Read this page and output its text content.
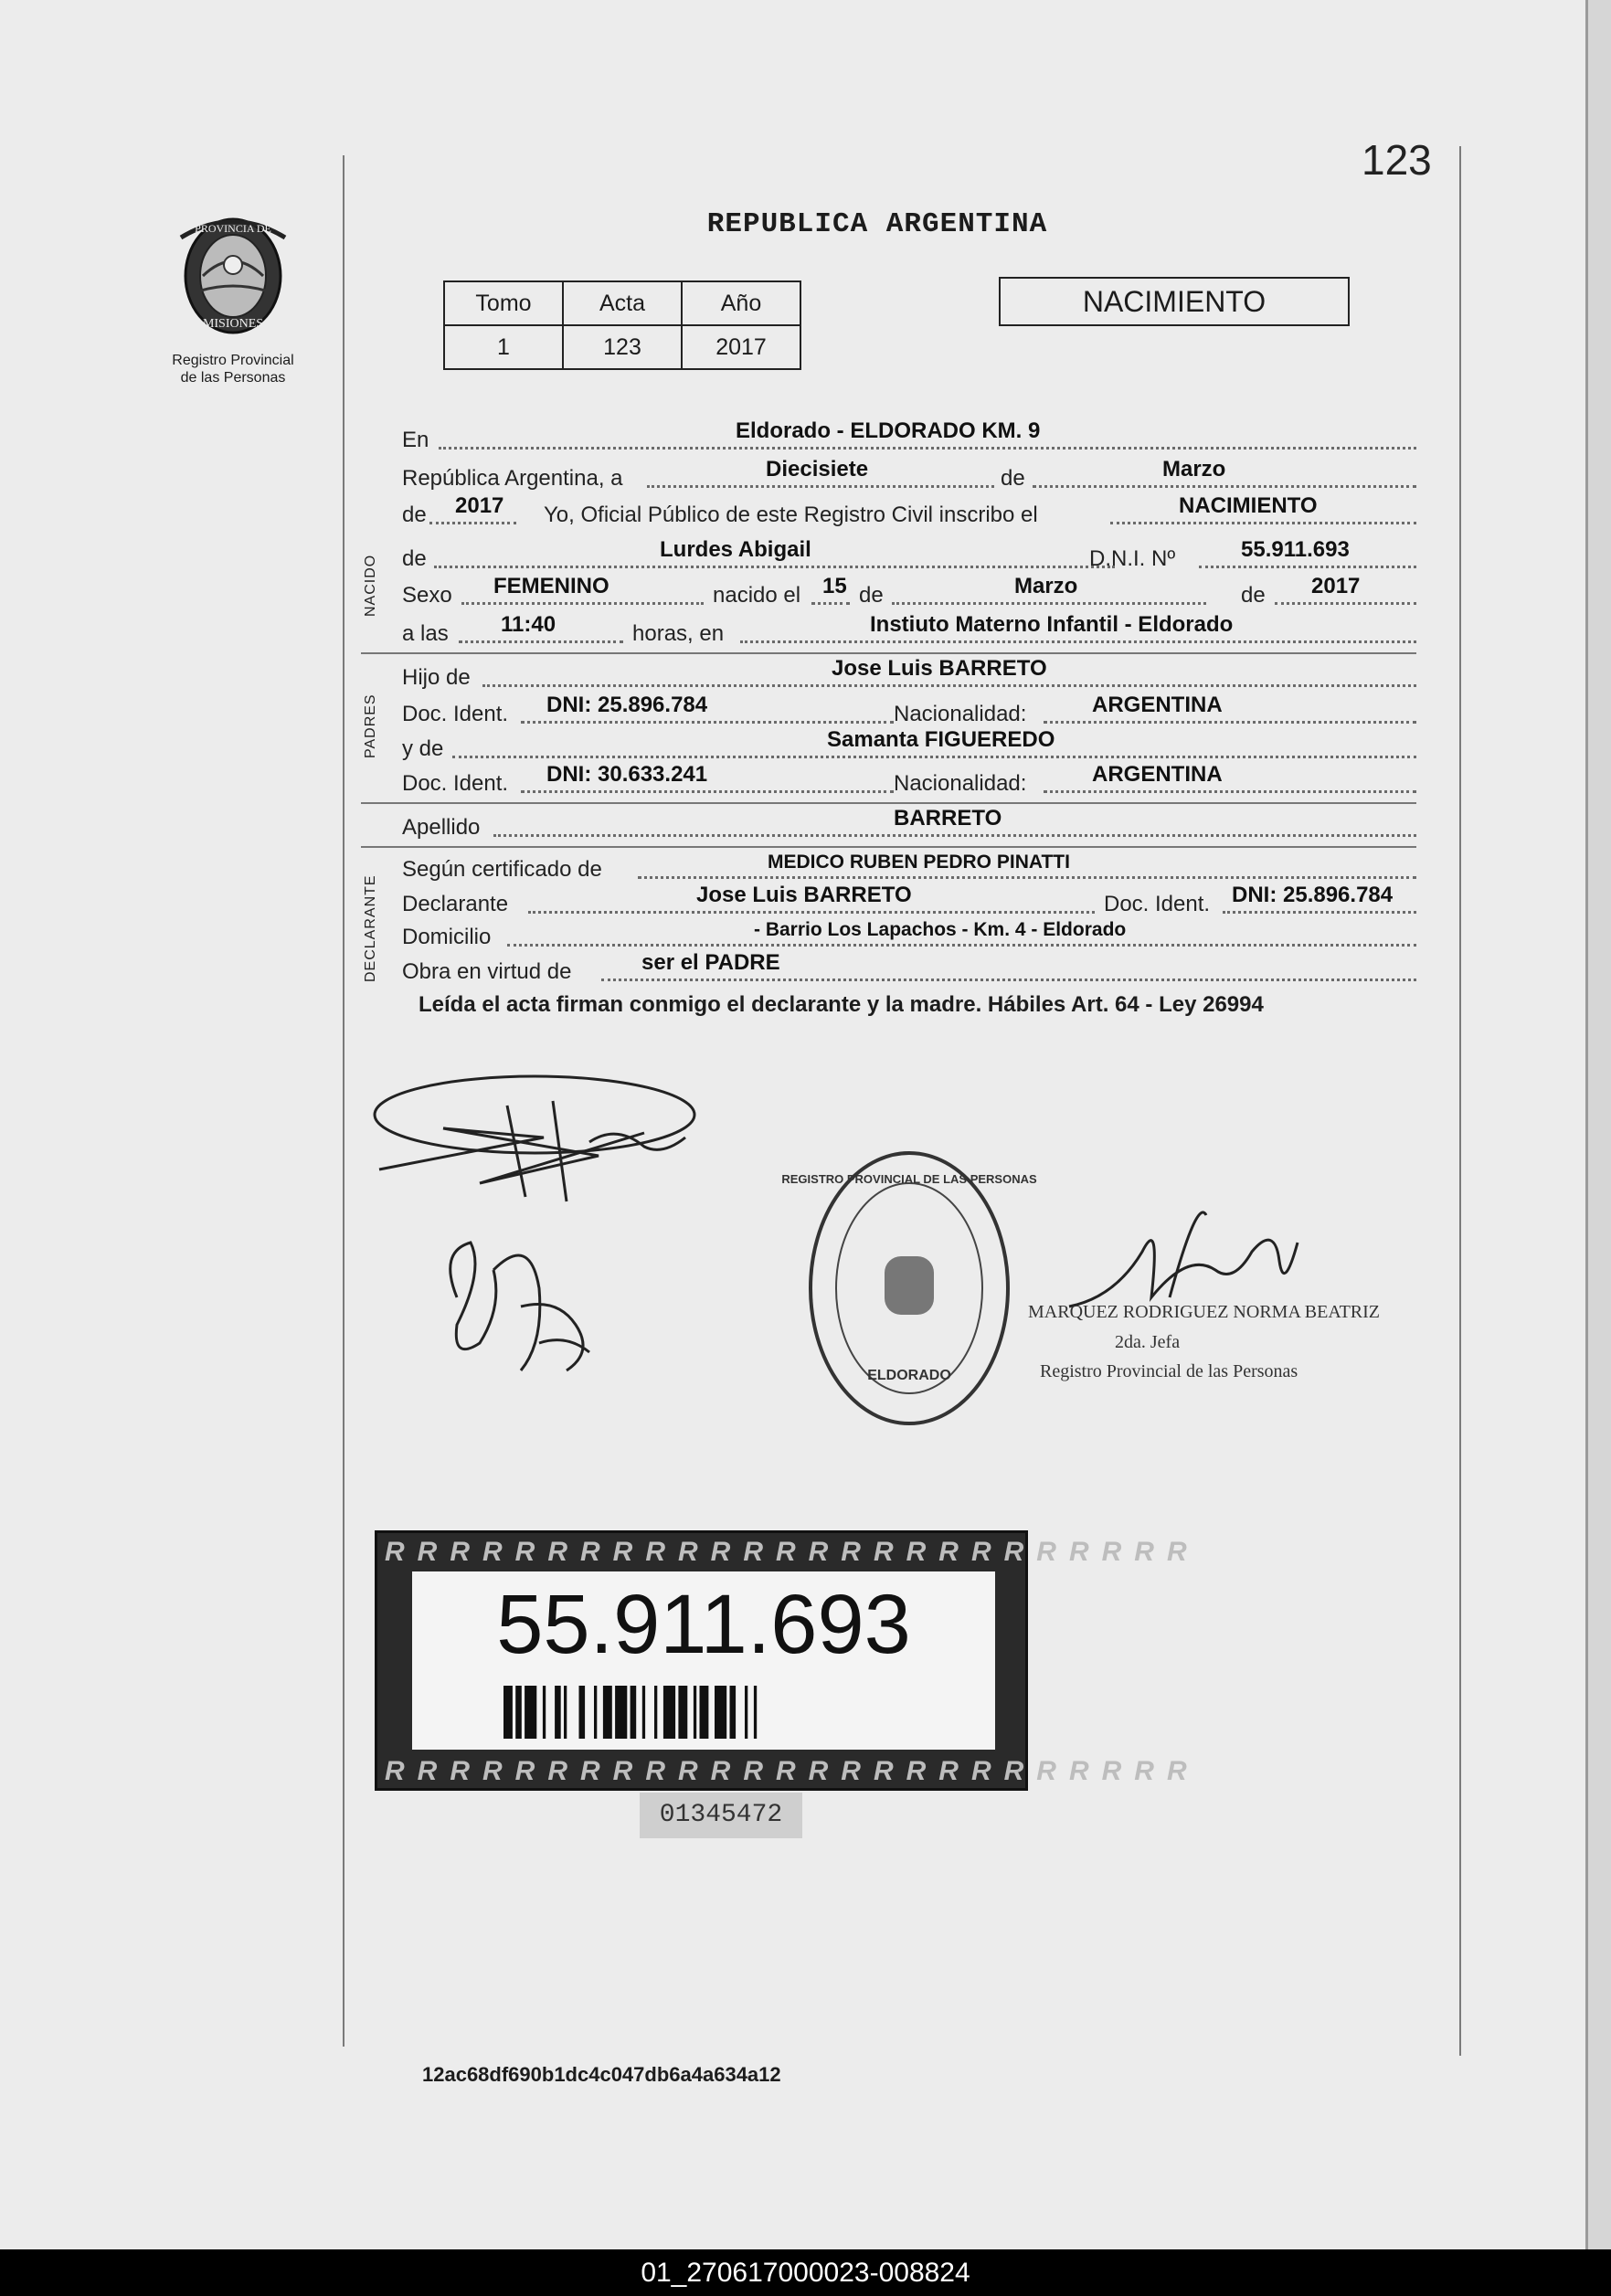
123
PROVINCIA DE
MISIONES
Registro Provincial
de las Personas
REPUBLICA ARGENTINA
Tomo	Acta	Año
1	123	2017
NACIMIENTO
En	Eldorado - ELDORADO KM. 9
República Argentina, a	Diecisiete	de	Marzo
de 2017 Yo, Oficial Público de este Registro Civil inscribo el	NACIMIENTO
NACIDO de	Lurdes Abigail	D.N.I. Nº	55.911.693
Sexo FEMENINO	nacido el 15 de	Marzo	de 2017
a las 11:40	horas, en	Instiuto Materno Infantil - Eldorado
PADRES
Hijo de	Jose Luis BARRETO
Doc. Ident. DNI: 25.896.784	Nacionalidad:	ARGENTINA
y de	Samanta FIGUEREDO
Doc. Ident. DNI: 30.633.241	Nacionalidad:	ARGENTINA
Apellido	BARRETO
DECLARANTE
Según certificado de	MEDICO RUBEN PEDRO PINATTI
Declarante	Jose Luis BARRETO	Doc. Ident. DNI: 25.896.784
Domicilio	- Barrio Los Lapachos - Km. 4 - Eldorado
Obra en virtud de	ser el PADRE
Leída el acta firman conmigo el declarante y la madre. Hábiles Art. 64 - Ley 26994
REGISTRO PROVINCIAL DE LAS PERSONAS
ELDORADO
MARQUEZ RODRIGUEZ NORMA BEATRIZ
2da. Jefa
Registro Provincial de las Personas
RRRRRRRRRRRRRRRRRRRRRRRRR
RRRRRRRRRRRRRRRRRRRRRRRRR
55.911.693
01345472
12ac68df690b1dc4c047db6a4a634a12
01_270617000023-008824
